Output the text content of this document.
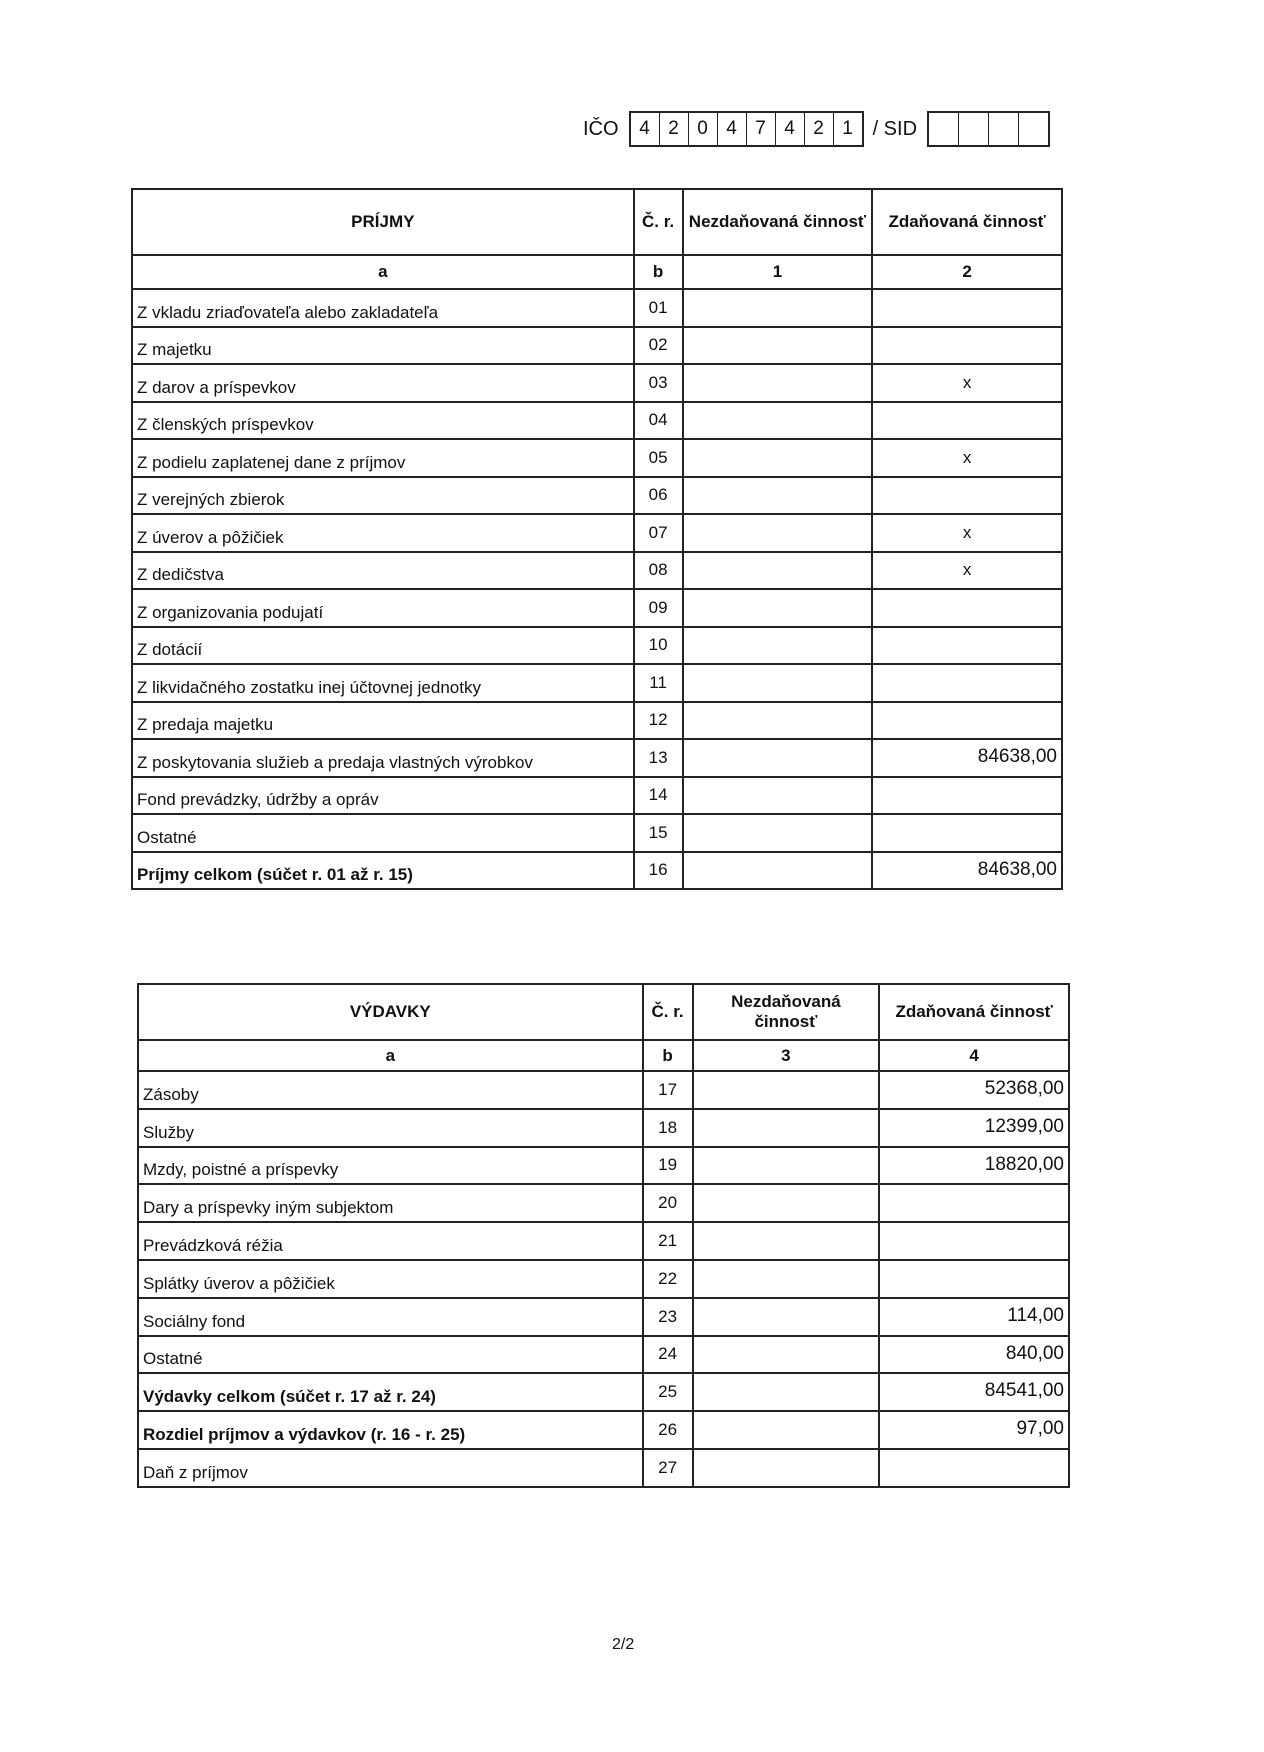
IČO	4 2 0 4 7 4 2 1 / SID
PRÍJMY	Č. r.	Nezdaňovaná činnosť	Zdaňovaná činnosť
a	b	1	2
Z vkladu zriaďovateľa alebo zakladateľa	01		
Z majetku	02		
Z darov a príspevkov	03		x
Z členských príspevkov	04		
Z podielu zaplatenej dane z príjmov	05		x
Z verejných zbierok	06		
Z úverov a pôžičiek	07		x
Z dedičstva	08		x
Z organizovania podujatí	09		
Z dotácií	10		
Z likvidačného zostatku inej účtovnej jednotky	11		
Z predaja majetku	12		
Z poskytovania služieb a predaja vlastných výrobkov	13		84638,00
Fond prevádzky, údržby a opráv	14		
Ostatné	15		
Príjmy celkom (súčet r. 01 až r. 15)	16		84638,00
VÝDAVKY	Č. r.	Nezdaňovaná činnosť	Zdaňovaná činnosť
a	b	3	4
Zásoby	17		52368,00
Služby	18		12399,00
Mzdy, poistné a príspevky	19		18820,00
Dary a príspevky iným subjektom	20		
Prevádzková réžia	21		
Splátky úverov a pôžičiek	22		
Sociálny fond	23		114,00
Ostatné	24		840,00
Výdavky celkom (súčet r. 17 až r. 24)	25		84541,00
Rozdiel príjmov a výdavkov (r. 16 - r. 25)	26		97,00
Daň z príjmov	27		
2/2
